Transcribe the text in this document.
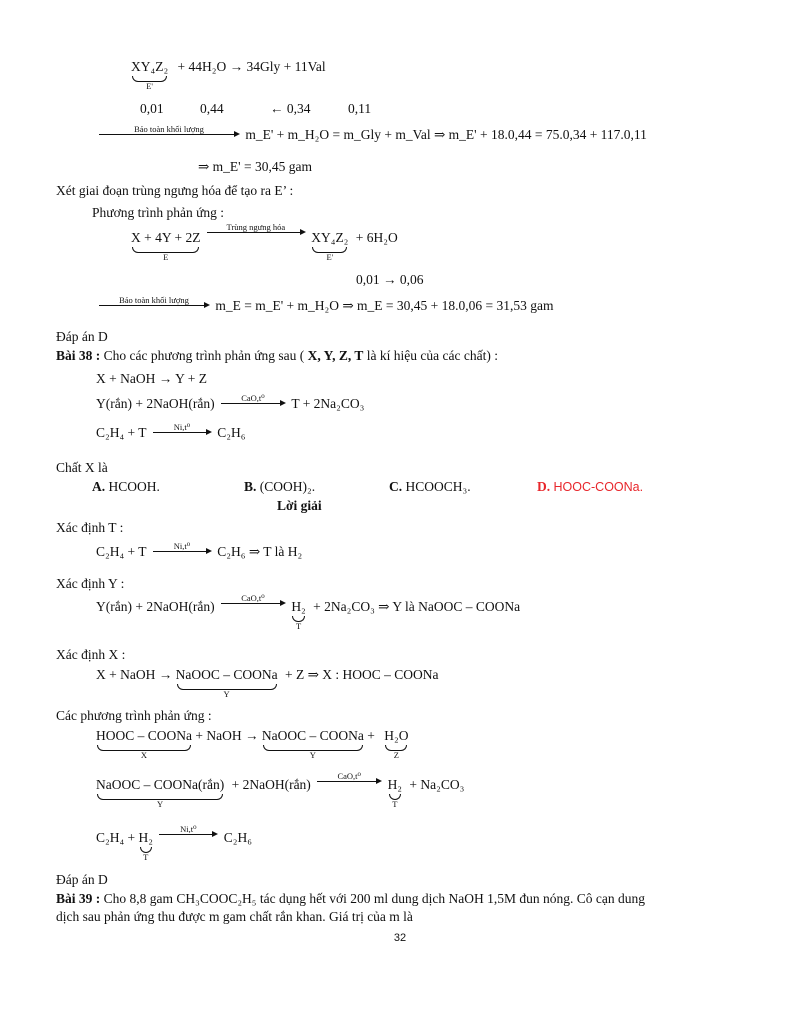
XY₄Z₂
E'
+ 44H₂O → 34Gly + 11Val
0,01	0,44	← 0,34	0,11
Bảo toàn khối lượng	m_E' + m_H₂O = m_Gly + m_Val ⇒ m_E' + 18.0,44 = 75.0,34 + 117.0,11
⇒ m_E' = 30,45 gam
Xét giai đoạn trùng ngưng hóa để tạo ra E’ :
Phương trình phản ứng :
X + 4Y + 2Z
E

Trùng ngưng hóa
XY₄Z₂
E'
+ 6H₂O
0,01 → 0,06
Bảo toàn khối lượng	m_E = m_E' + m_H₂O ⇒ m_E = 30,45 + 18.0,06 = 31,53 gam
Đáp án D
Bài 38 : Cho các phương trình phản ứng sau ( X, Y, Z, T là kí hiệu của các chất) :
X + NaOH → Y + Z
Y(rắn) + 2NaOH(rắn)	CaO,t⁰	T + 2Na₂CO₃
C₂H₄ + T	Ni,t⁰	C₂H₆
Chất X là
A. HCOOH.	B. (COOH)₂.	C. HCOOCH₃.	D. HOOC-COONa.
Lời giải
Xác định T :
C₂H₄ + T	Ni,t⁰	C₂H₆ ⇒ T là H₂
Xác định Y :
Y(rắn) + 2NaOH(rắn)
CaO,t⁰
H₂
T
+ 2Na₂CO₃ ⇒ Y là NaOOC – COONa
Xác định X :
X + NaOH → NaOOC – COONa
Y
+ Z ⇒ X : HOOC – COONa
Các phương trình phản ứng :
HOOC – COONa
X
+ NaOH → NaOOC – COONa
Y
+ H₂O
Z
NaOOC – COONa(rắn)
Y
+ 2NaOH(rắn)
CaO,t⁰
H₂
T
+ Na₂CO₃
C₂H₄ + H₂
T

Ni,t⁰
C₂H₆
Đáp án D
Bài 39 : Cho 8,8 gam CH₃COOC₂H₅ tác dụng hết với 200 ml dung dịch NaOH 1,5M đun nóng. Cô cạn dung
dịch sau phản ứng thu được m gam chất rắn khan. Giá trị của m là
32
